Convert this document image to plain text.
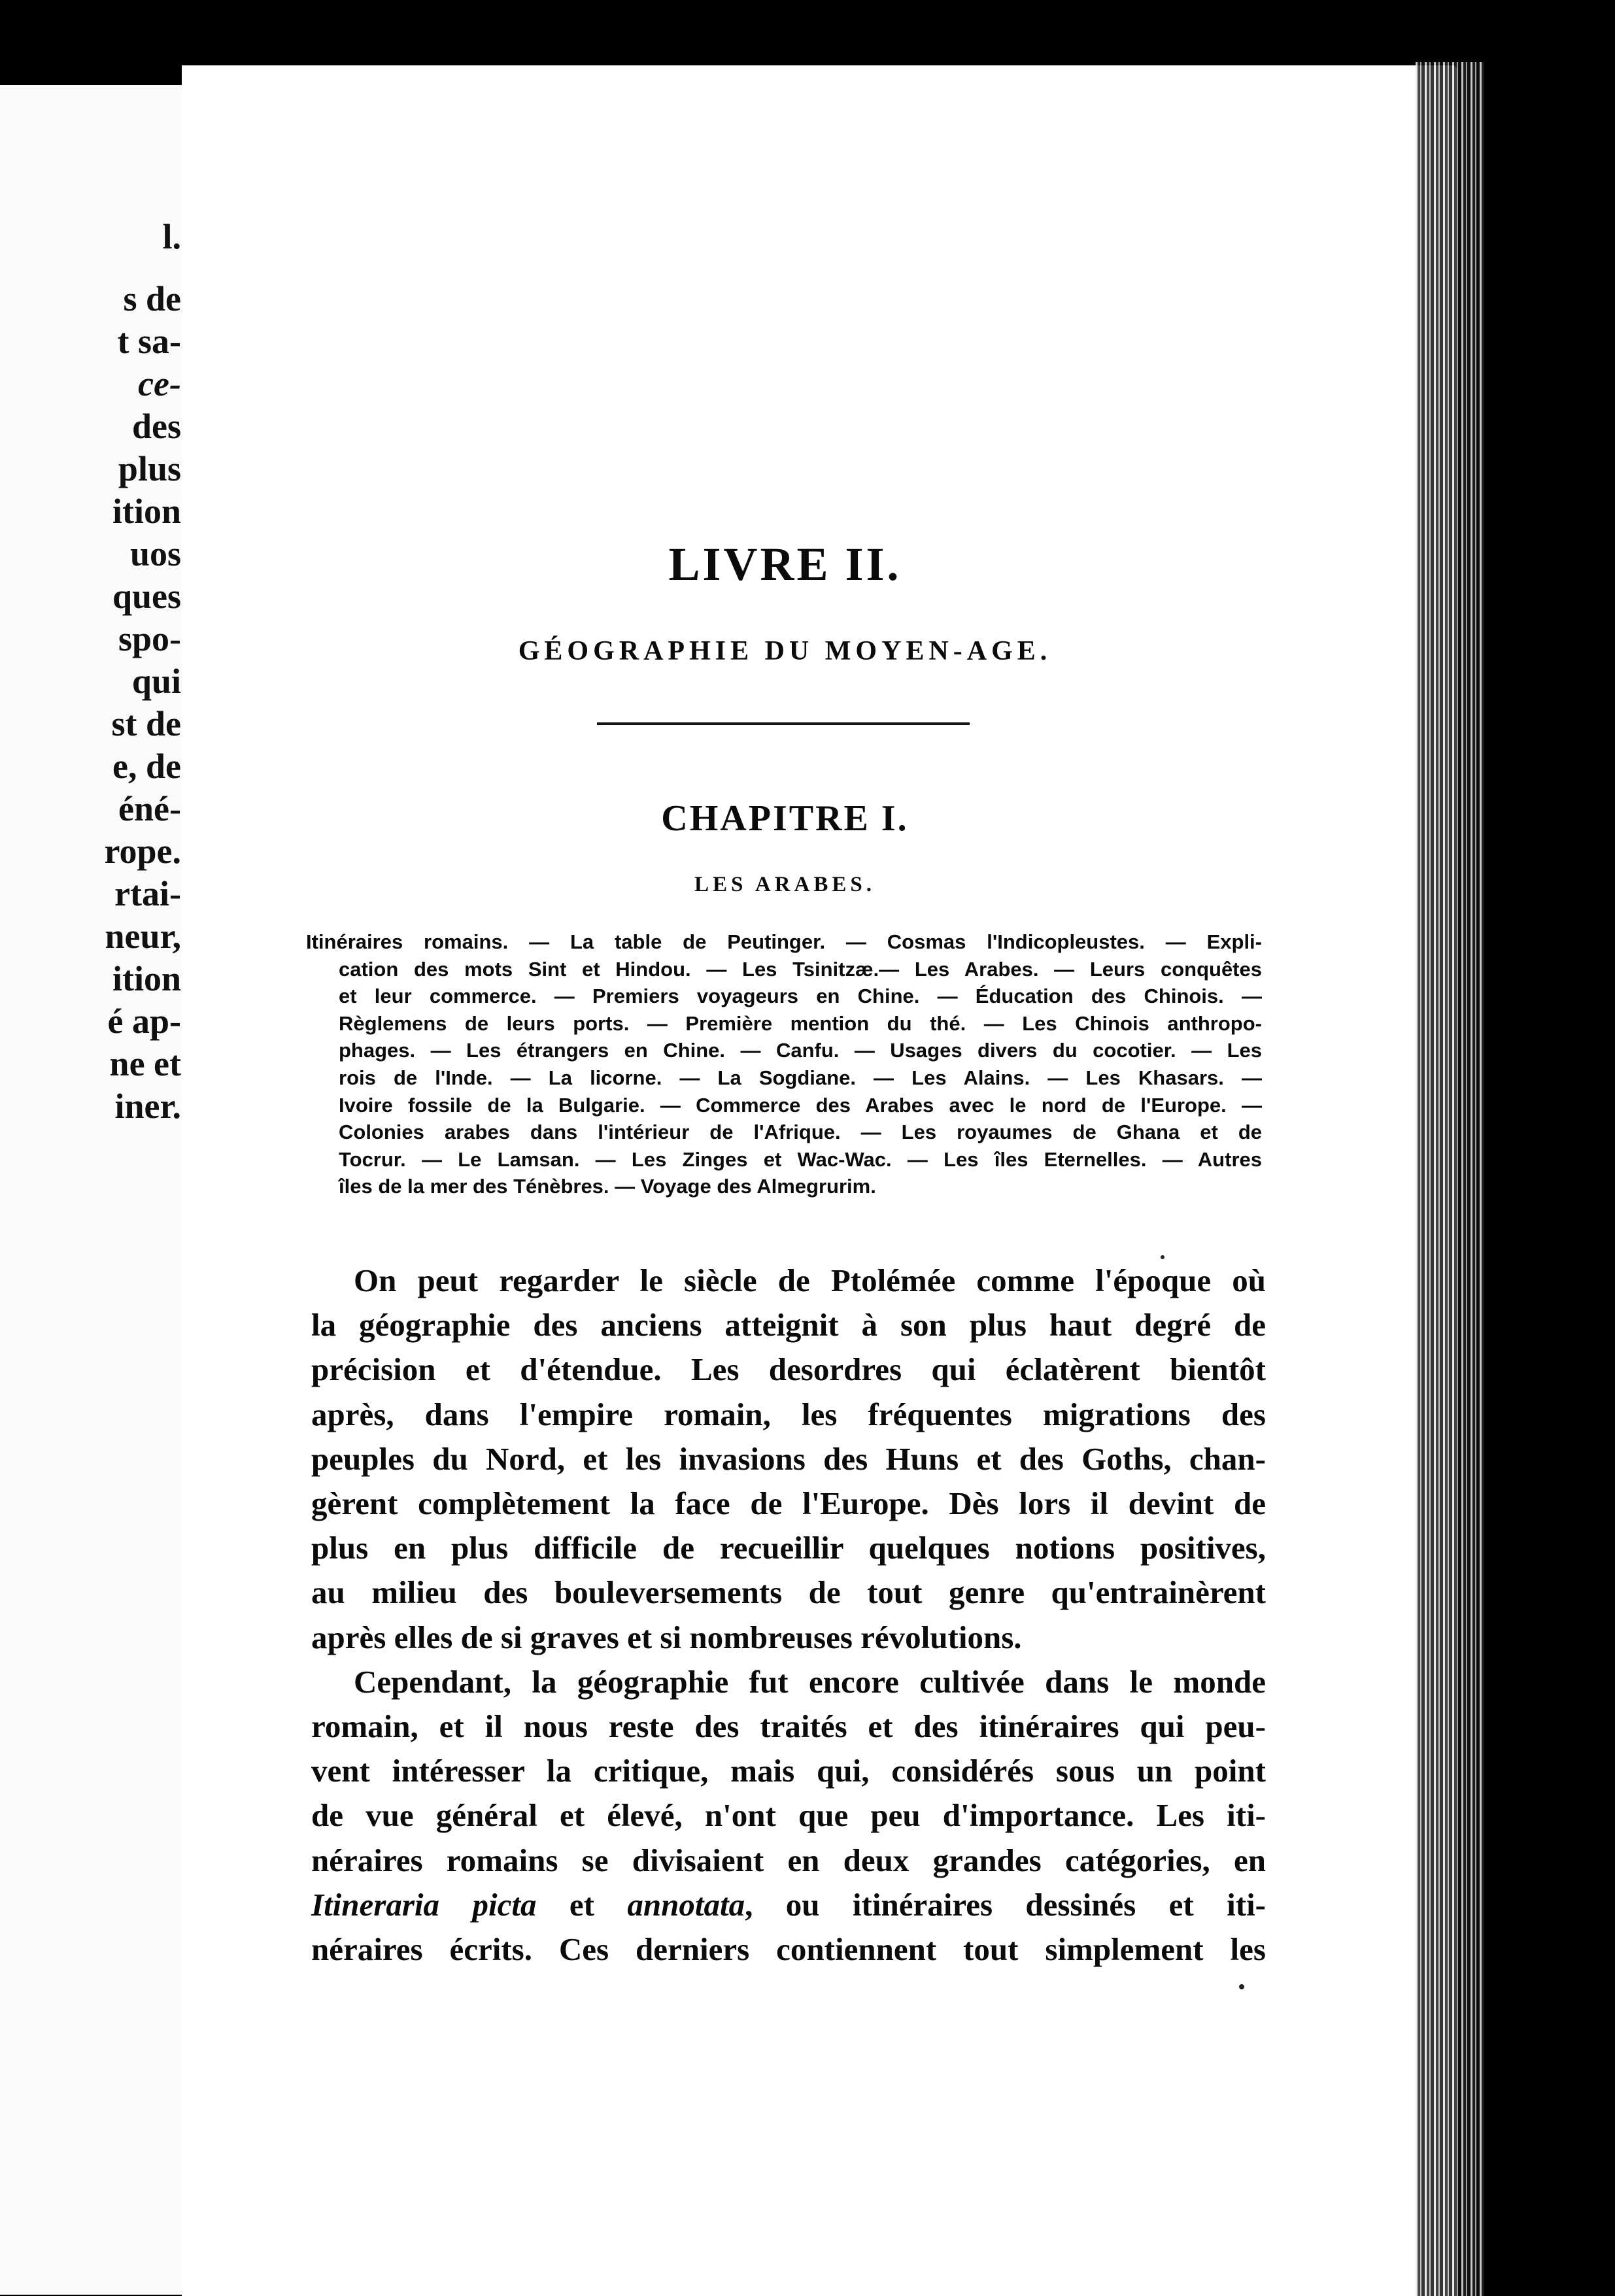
l.
s de
t sa-
ce-
des
plus
ition
uos
ques
spo-
qui
st de
e, de
éné-
rope.
rtai-
neur,
ition
é ap-
ne et
iner.
LIVRE II.
GÉOGRAPHIE DU MOYEN-AGE.
CHAPITRE I.
LES ARABES.
Itinéraires romains. — La table de Peutinger. — Cosmas l'Indicopleustes. — Expli-
cation des mots Sint et Hindou. — Les Tsinitzæ.— Les Arabes. — Leurs conquêtes
et leur commerce. — Premiers voyageurs en Chine. — Éducation des Chinois. —
Règlemens de leurs ports. — Première mention du thé. — Les Chinois anthropo-
phages. — Les étrangers en Chine. — Canfu. — Usages divers du cocotier. — Les
rois de l'Inde. — La licorne. — La Sogdiane. — Les Alains. — Les Khasars. —
Ivoire fossile de la Bulgarie. — Commerce des Arabes avec le nord de l'Europe. —
Colonies arabes dans l'intérieur de l'Afrique. — Les royaumes de Ghana et de
Tocrur. — Le Lamsan. — Les Zinges et Wac-Wac. — Les îles Eternelles. — Autres
îles de la mer des Ténèbres. — Voyage des Almegrurim.
On peut regarder le siècle de Ptolémée comme l'époque où
la géographie des anciens atteignit à son plus haut degré de
précision et d'étendue. Les desordres qui éclatèrent bientôt
après, dans l'empire romain, les fréquentes migrations des
peuples du Nord, et les invasions des Huns et des Goths, chan-
gèrent complètement la face de l'Europe. Dès lors il devint de
plus en plus difficile de recueillir quelques notions positives,
au milieu des bouleversements de tout genre qu'entrainèrent
après elles de si graves et si nombreuses révolutions.
Cependant, la géographie fut encore cultivée dans le monde
romain, et il nous reste des traités et des itinéraires qui peu-
vent intéresser la critique, mais qui, considérés sous un point
de vue général et élevé, n'ont que peu d'importance. Les iti-
néraires romains se divisaient en deux grandes catégories, en
Itineraria picta et annotata, ou itinéraires dessinés et iti-
néraires écrits. Ces derniers contiennent tout simplement les
